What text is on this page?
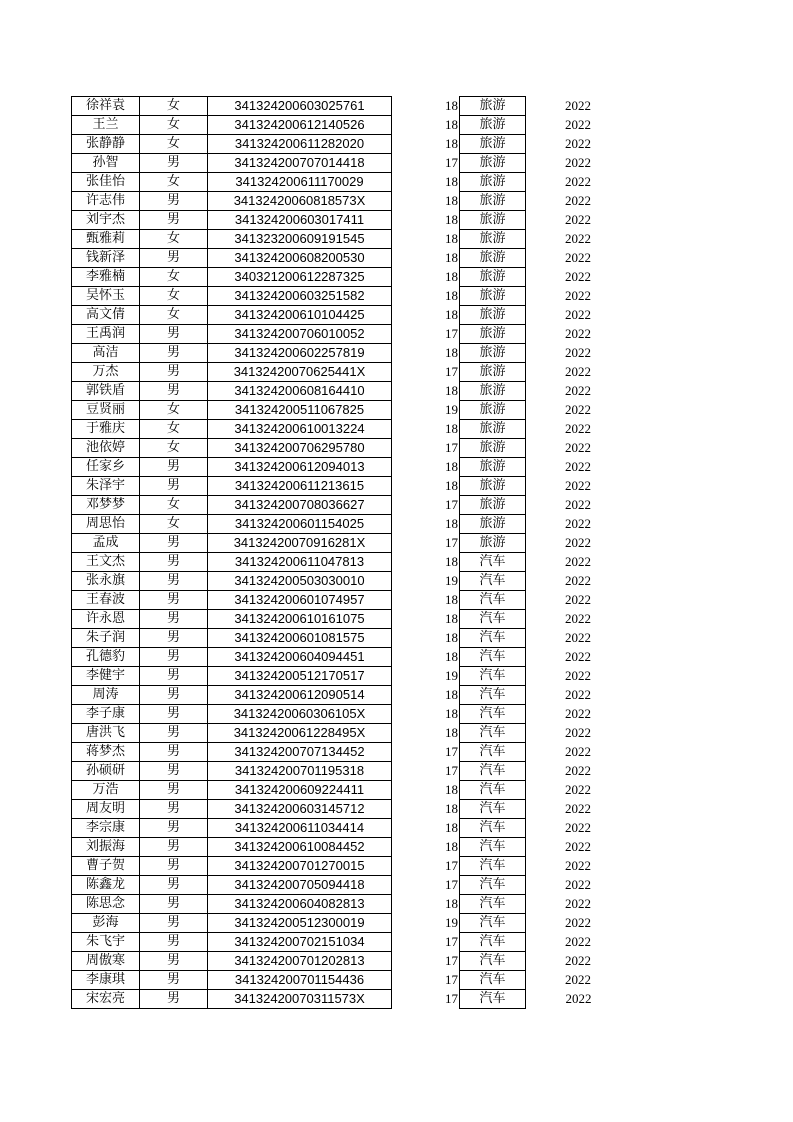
徐祥袁	女	341324200603025761	18	旅游	2022
王兰	女	341324200612140526	18	旅游	2022
张静静	女	341324200611282020	18	旅游	2022
孙智	男	341324200707014418	17	旅游	2022
张佳怡	女	341324200611170029	18	旅游	2022
许志伟	男	34132420060818573X	18	旅游	2022
刘宇杰	男	341324200603017411	18	旅游	2022
甄雅莉	女	341323200609191545	18	旅游	2022
钱新泽	男	341324200608200530	18	旅游	2022
李雅楠	女	340321200612287325	18	旅游	2022
吴怀玉	女	341324200603251582	18	旅游	2022
高文倩	女	341324200610104425	18	旅游	2022
王禹润	男	341324200706010052	17	旅游	2022
高洁	男	341324200602257819	18	旅游	2022
万杰	男	34132420070625441X	17	旅游	2022
郭铁盾	男	341324200608164410	18	旅游	2022
豆贤丽	女	341324200511067825	19	旅游	2022
于雅庆	女	341324200610013224	18	旅游	2022
池依婷	女	341324200706295780	17	旅游	2022
任家乡	男	341324200612094013	18	旅游	2022
朱泽宇	男	341324200611213615	18	旅游	2022
邓梦梦	女	341324200708036627	17	旅游	2022
周思怡	女	341324200601154025	18	旅游	2022
孟成	男	34132420070916281X	17	旅游	2022
王文杰	男	341324200611047813	18	汽车	2022
张永旗	男	341324200503030010	19	汽车	2022
王春波	男	341324200601074957	18	汽车	2022
许永恩	男	341324200610161075	18	汽车	2022
朱子润	男	341324200601081575	18	汽车	2022
孔德豹	男	341324200604094451	18	汽车	2022
李健宇	男	341324200512170517	19	汽车	2022
周涛	男	341324200612090514	18	汽车	2022
李子康	男	34132420060306105X	18	汽车	2022
唐洪飞	男	34132420061228495X	18	汽车	2022
蒋梦杰	男	341324200707134452	17	汽车	2022
孙硕研	男	341324200701195318	17	汽车	2022
万浩	男	341324200609224411	18	汽车	2022
周友明	男	341324200603145712	18	汽车	2022
李宗康	男	341324200611034414	18	汽车	2022
刘振海	男	341324200610084452	18	汽车	2022
曹子贺	男	341324200701270015	17	汽车	2022
陈鑫龙	男	341324200705094418	17	汽车	2022
陈思念	男	341324200604082813	18	汽车	2022
彭海	男	341324200512300019	19	汽车	2022
朱飞宇	男	341324200702151034	17	汽车	2022
周傲寒	男	341324200701202813	17	汽车	2022
李康琪	男	341324200701154436	17	汽车	2022
宋宏亮	男	34132420070311573X	17	汽车	2022
